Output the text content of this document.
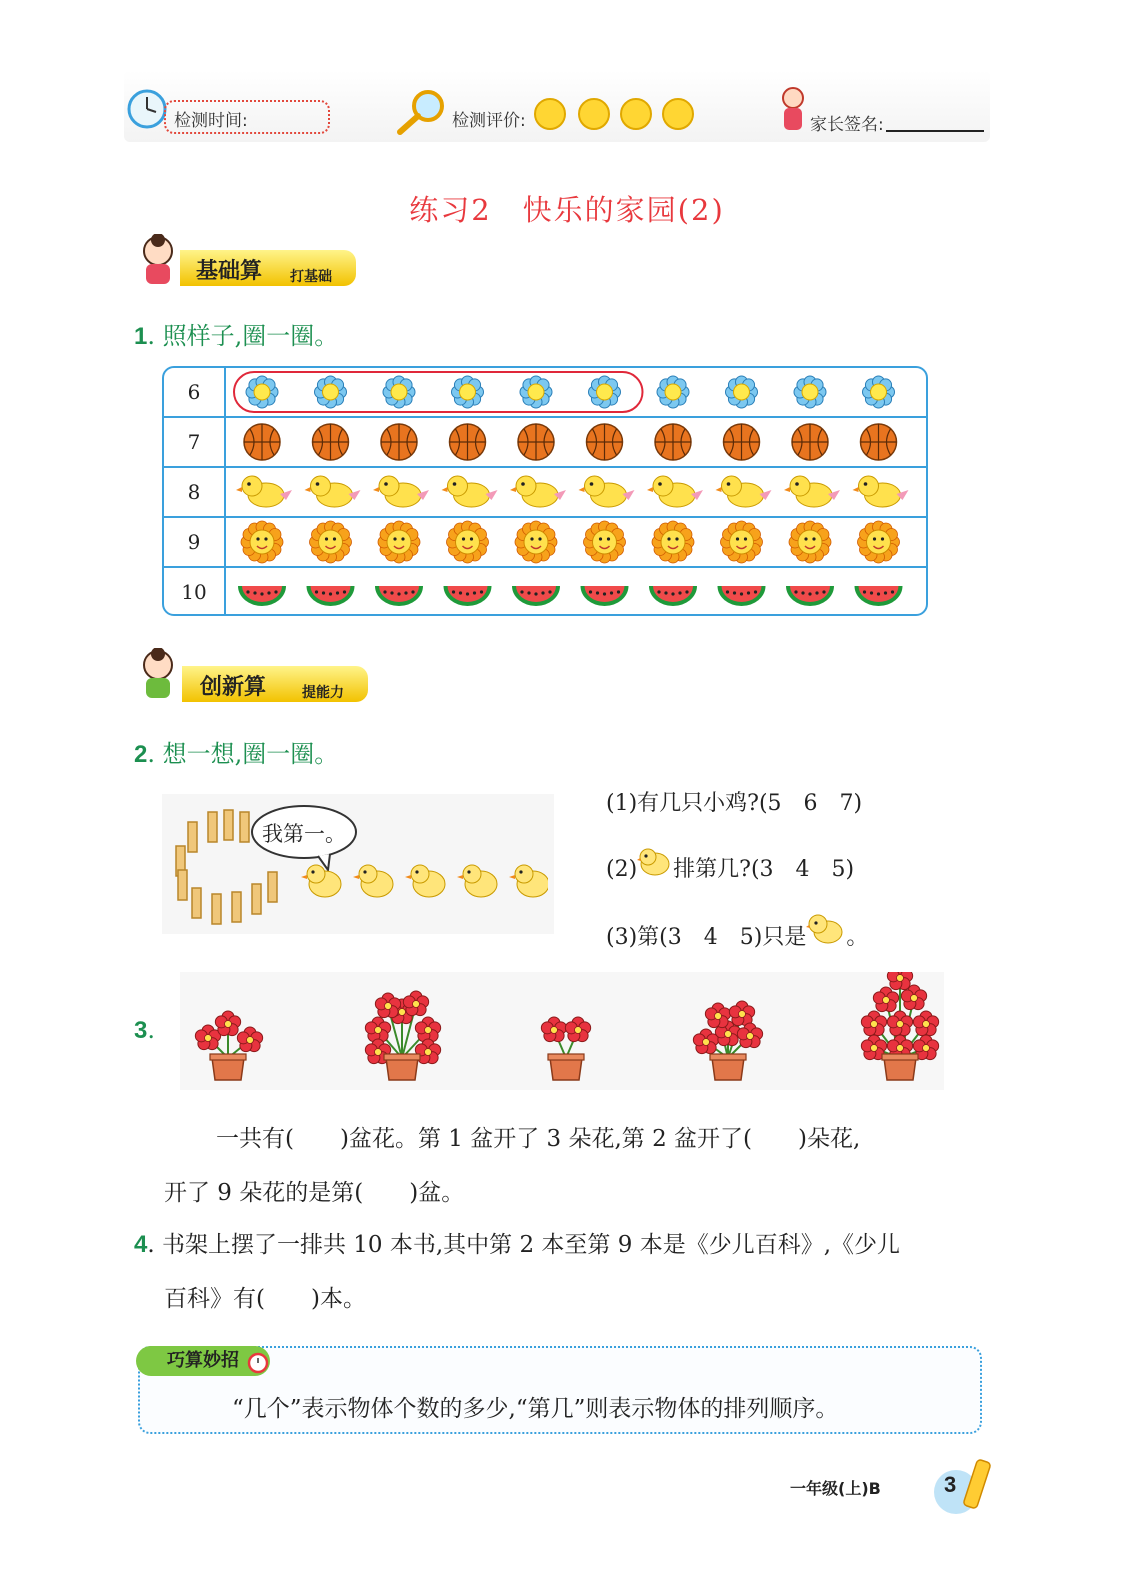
检测时间:	检测评价:	家长签名:
练习2　快乐的家园(2)
基础算 打基础
1. 照样子,圈一圈。
6
7
8
9
10
创新算	提能力
2. 想一想,圈一圈。
我第一。
(1)有几只小鸡?(5　6　7)
(2) 排第几?(3　4　5)
(3)第(3　4　5)只是 。
3.
一共有(　　)盆花。第 1 盆开了 3 朵花,第 2 盆开了(　　)朵花,
开了 9 朵花的是第(　　)盆。
4. 书架上摆了一排共 10 本书,其中第 2 本至第 9 本是《少儿百科》,《少儿
百科》有(　　)本。
巧算妙招
“几个”表示物体个数的多少,“第几”则表示物体的排列顺序。
一年级(上)B	3
